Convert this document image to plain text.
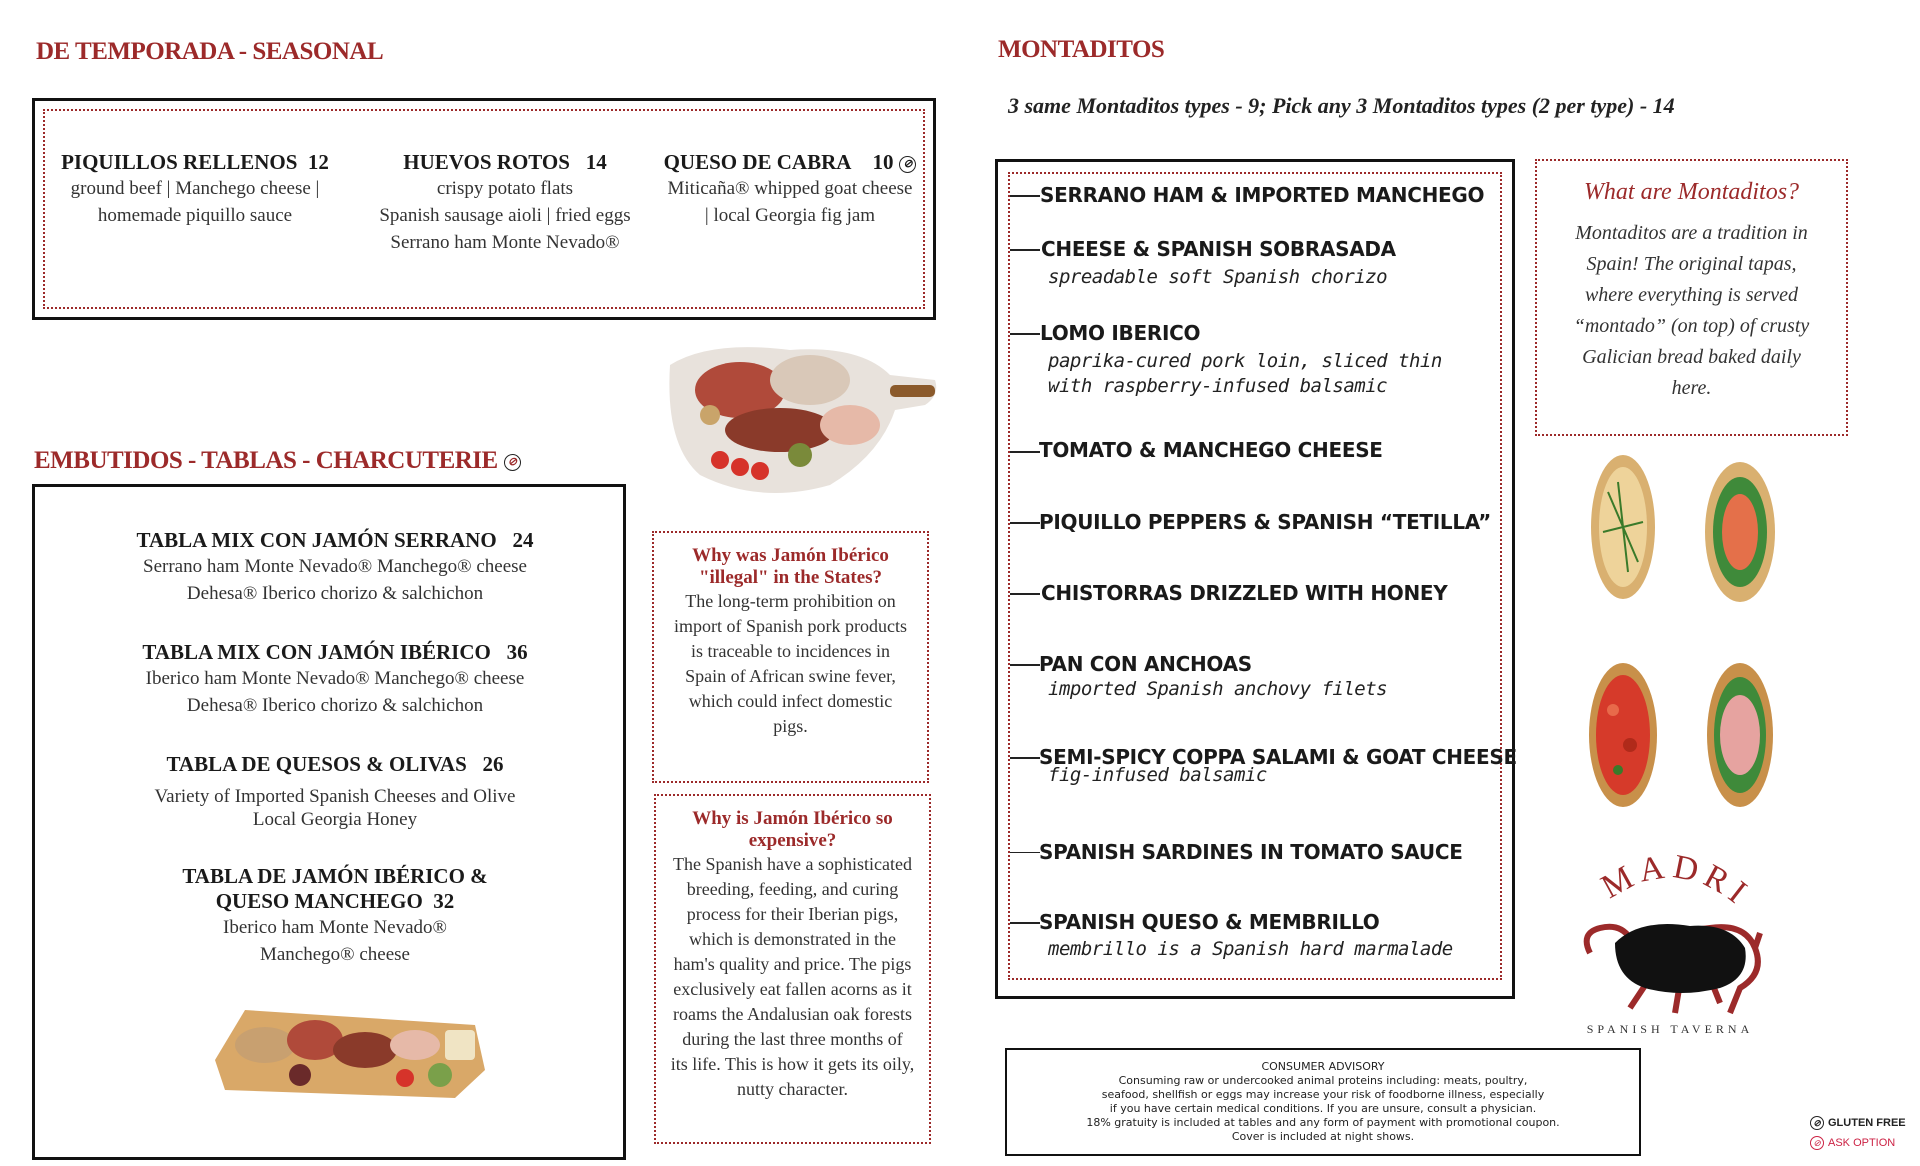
DE TEMPORADA - SEASONAL
PIQUILLOS RELLENOS 12
ground beef | Manchego cheese |
homemade piquillo sauce
HUEVOS ROTOS 14
crispy potato flats
Spanish sausage aioli | fried eggs
Serrano ham Monte Nevado®
QUESO DE CABRA 10 ⊘
Miticaña® whipped goat cheese
| local Georgia fig jam
EMBUTIDOS - TABLAS - CHARCUTERIE ⊘
TABLA MIX CON JAMÓN SERRANO 24
Serrano ham Monte Nevado® Manchego® cheese
Dehesa® Iberico chorizo & salchichon
TABLA MIX CON JAMÓN IBÉRICO 36
Iberico ham Monte Nevado® Manchego® cheese
Dehesa® Iberico chorizo & salchichon
TABLA DE QUESOS & OLIVAS 26
Variety of Imported Spanish Cheeses and Olive
Local Georgia Honey
TABLA DE JAMÓN IBÉRICO &
QUESO MANCHEGO 32
Iberico ham Monte Nevado®
Manchego® cheese
Why was Jamón Ibérico
"illegal" in the States?
The long-term prohibition on
import of Spanish pork products
is traceable to incidences in
Spain of African swine fever,
which could infect domestic
pigs.
Why is Jamón Ibérico so
expensive?
The Spanish have a sophisticated
breeding, feeding, and curing
process for their Iberian pigs,
which is demonstrated in the
ham's quality and price. The pigs
exclusively eat fallen acorns as it
roams the Andalusian oak forests
during the last three months of
its life. This is how it gets its oily,
nutty character.
MONTADITOS
3 same Montaditos types - 9; Pick any 3 Montaditos types (2 per type) - 14
SERRANO HAM & IMPORTED MANCHEGO
CHEESE & SPANISH SOBRASADA
spreadable soft Spanish chorizo
LOMO IBERICO
paprika-cured pork loin, sliced thin
with raspberry-infused balsamic
TOMATO & MANCHEGO CHEESE
PIQUILLO PEPPERS & SPANISH “TETILLA”
CHISTORRAS DRIZZLED WITH HONEY
PAN CON ANCHOAS
imported Spanish anchovy filets
SEMI-SPICY COPPA SALAMI & GOAT CHEESE
fig-infused balsamic
SPANISH SARDINES IN TOMATO SAUCE
SPANISH QUESO & MEMBRILLO
membrillo is a Spanish hard marmalade
What are Montaditos?
Montaditos are a tradition in
Spain! The original tapas,
where everything is served
“montado” (on top) of crusty
Galician bread baked daily
here.
MADRI
SPANISH TAVERNA
CONSUMER ADVISORY
Consuming raw or undercooked animal proteins including: meats, poultry,
seafood, shellfish or eggs may increase your risk of foodborne illness, especially
if you have certain medical conditions. If you are unsure, consult a physician.
18% gratuity is included at tables and any form of payment with promotional coupon.
Cover is included at night shows.
⊘ GLUTEN FREE
⊘ ASK OPTION
